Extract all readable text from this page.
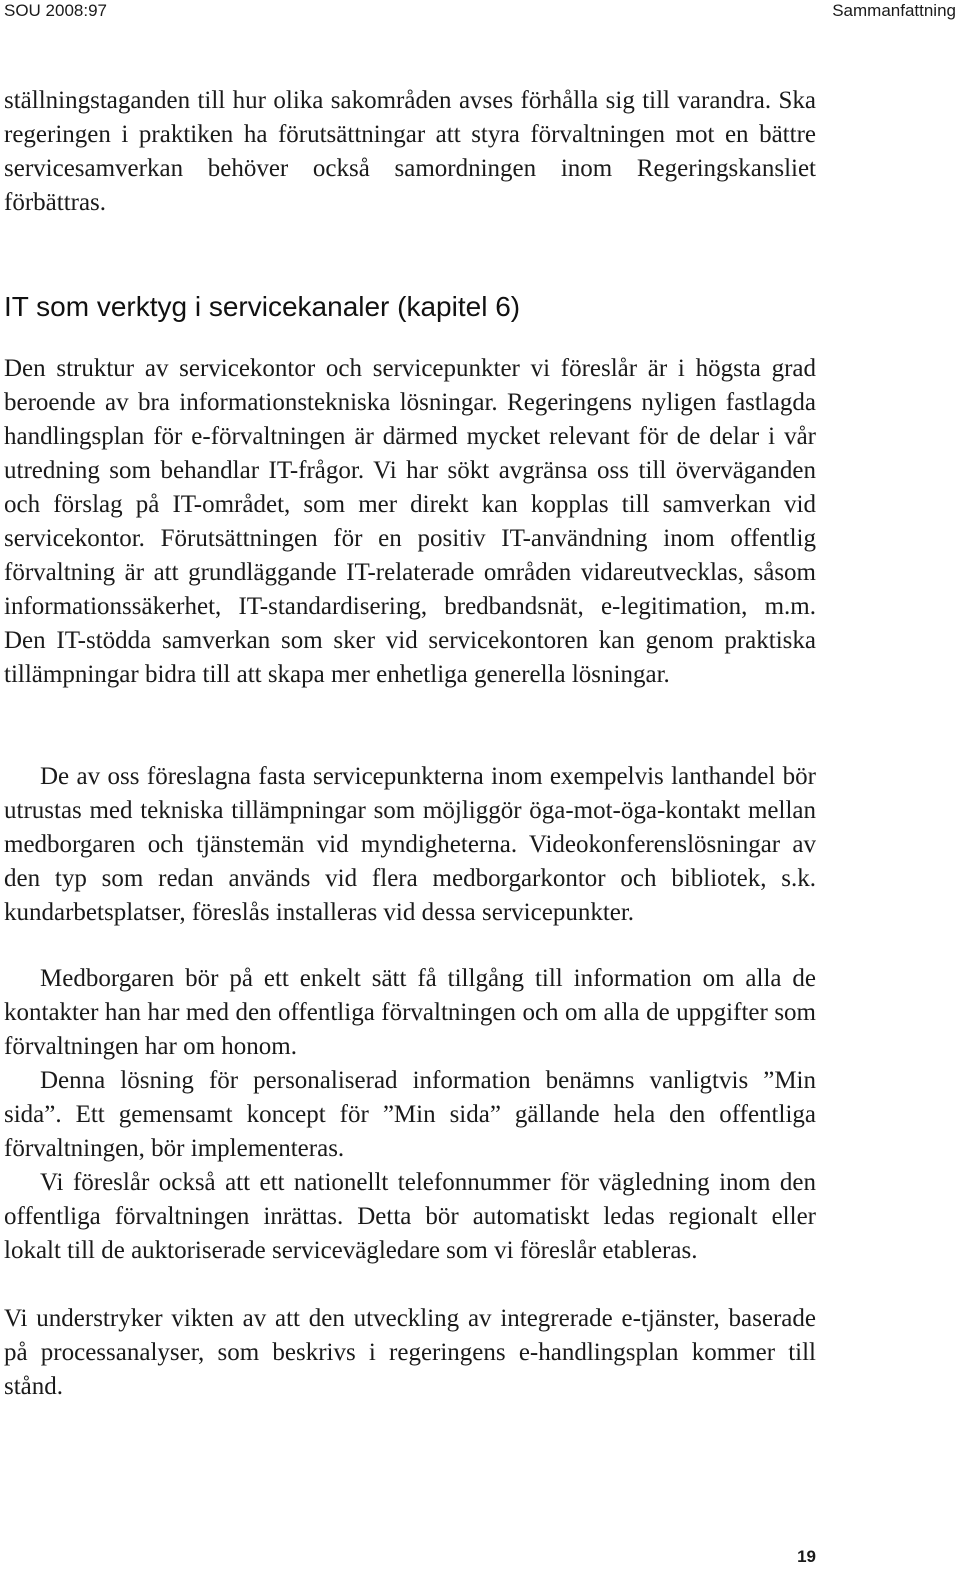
SOU 2008:97	Sammanfattning

ställningstaganden till hur olika sakområden avses förhålla sig till varandra. Ska regeringen i praktiken ha förutsättningar att styra förvaltningen mot en bättre servicesamverkan behöver också samordningen inom Regeringskansliet förbättras.

IT som verktyg i servicekanaler (kapitel 6)

Den struktur av servicekontor och servicepunkter vi föreslår är i högsta grad beroende av bra informationstekniska lösningar. Regeringens nyligen fastlagda handlingsplan för e-förvaltningen är därmed mycket relevant för de delar i vår utredning som behandlar IT-frågor. Vi har sökt avgränsa oss till överväganden och förslag på IT-området, som mer direkt kan kopplas till samverkan vid servicekontor. Förutsättningen för en positiv IT-användning inom offentlig förvaltning är att grundläggande IT-relaterade områden vidareutvecklas, såsom informationssäkerhet, IT-standardisering, bredbandsnät, e-legitimation, m.m. Den IT-stödda samverkan som sker vid servicekontoren kan genom praktiska tillämpningar bidra till att skapa mer enhetliga generella lösningar.

De av oss föreslagna fasta servicepunkterna inom exempelvis lanthandel bör utrustas med tekniska tillämpningar som möjliggör öga-mot-öga-kontakt mellan medborgaren och tjänstemän vid myndigheterna. Videokonferenslösningar av den typ som redan används vid flera medborgarkontor och bibliotek, s.k. kundarbetsplatser, föreslås installeras vid dessa servicepunkter.

Medborgaren bör på ett enkelt sätt få tillgång till information om alla de kontakter han har med den offentliga förvaltningen och om alla de uppgifter som förvaltningen har om honom.

Denna lösning för personaliserad information benämns vanligtvis ”Min sida”. Ett gemensamt koncept för ”Min sida” gällande hela den offentliga förvaltningen, bör implementeras.

Vi föreslår också att ett nationellt telefonnummer för vägledning inom den offentliga förvaltningen inrättas. Detta bör automatiskt ledas regionalt eller lokalt till de auktoriserade servicevägledare som vi föreslår etableras.

Vi understryker vikten av att den utveckling av integrerade e-tjänster, baserade på processanalyser, som beskrivs i regeringens e-handlingsplan kommer till stånd.

19
